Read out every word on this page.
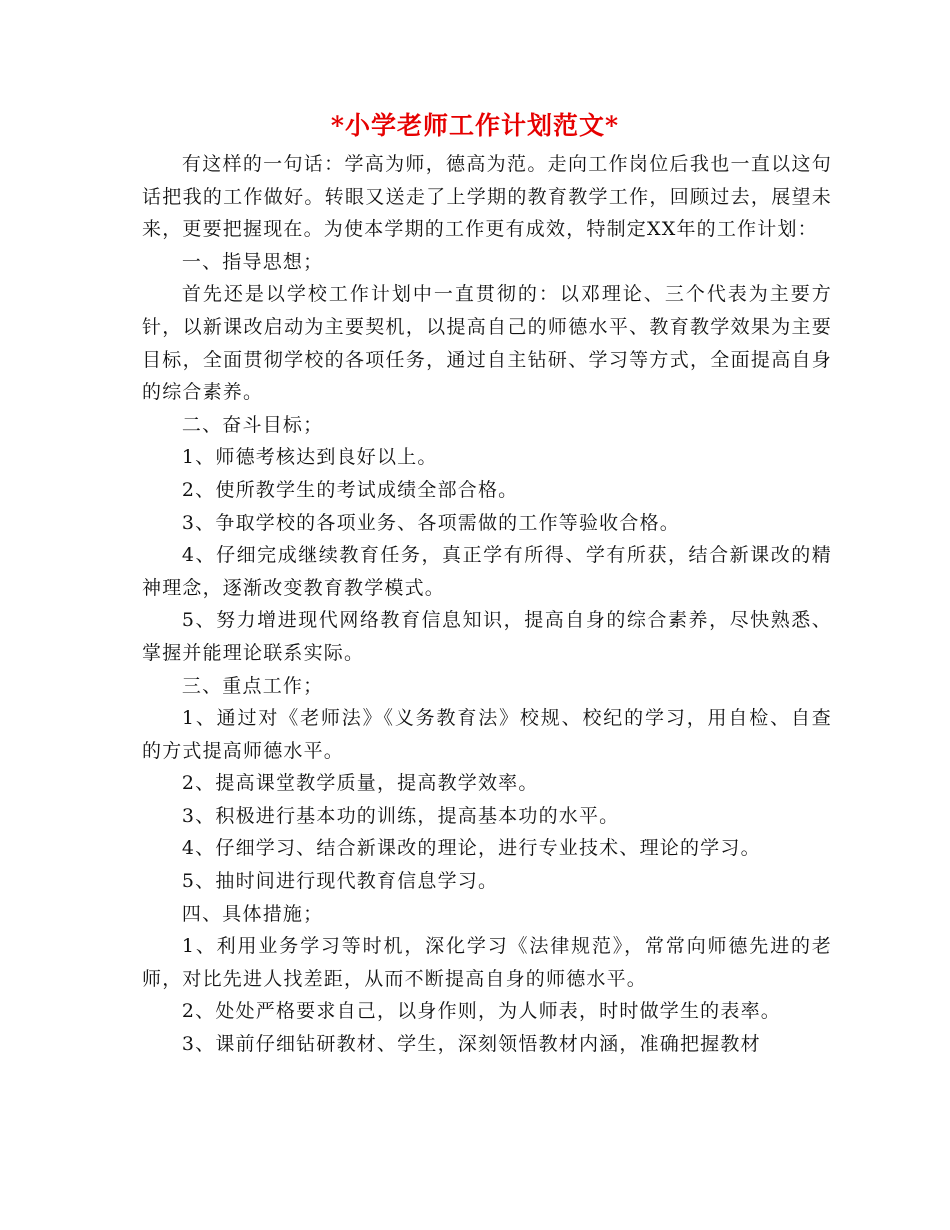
*小学老师工作计划范文*

有这样的一句话：学高为师，德高为范。走向工作岗位后我也一直以这句话把我的工作做好。转眼又送走了上学期的教育教学工作，回顾过去，展望未来，更要把握现在。为使本学期的工作更有成效，特制定XX年的工作计划：

一、指导思想；

首先还是以学校工作计划中一直贯彻的：以邓理论、三个代表为主要方针，以新课改启动为主要契机，以提高自己的师德水平、教育教学效果为主要目标，全面贯彻学校的各项任务，通过自主钻研、学习等方式，全面提高自身的综合素养。

二、奋斗目标；

1、师德考核达到良好以上。

2、使所教学生的考试成绩全部合格。

3、争取学校的各项业务、各项需做的工作等验收合格。

4、仔细完成继续教育任务，真正学有所得、学有所获，结合新课改的精神理念，逐渐改变教育教学模式。

5、努力增进现代网络教育信息知识，提高自身的综合素养，尽快熟悉、掌握并能理论联系实际。

三、重点工作；

1、通过对《老师法》《义务教育法》校规、校纪的学习，用自检、自查的方式提高师德水平。

2、提高课堂教学质量，提高教学效率。

3、积极进行基本功的训练，提高基本功的水平。

4、仔细学习、结合新课改的理论，进行专业技术、理论的学习。

5、抽时间进行现代教育信息学习。

四、具体措施；

1、利用业务学习等时机，深化学习《法律规范》，常常向师德先进的老师，对比先进人找差距，从而不断提高自身的师德水平。

2、处处严格要求自己，以身作则，为人师表，时时做学生的表率。

3、课前仔细钻研教材、学生，深刻领悟教材内涵，准确把握教材
